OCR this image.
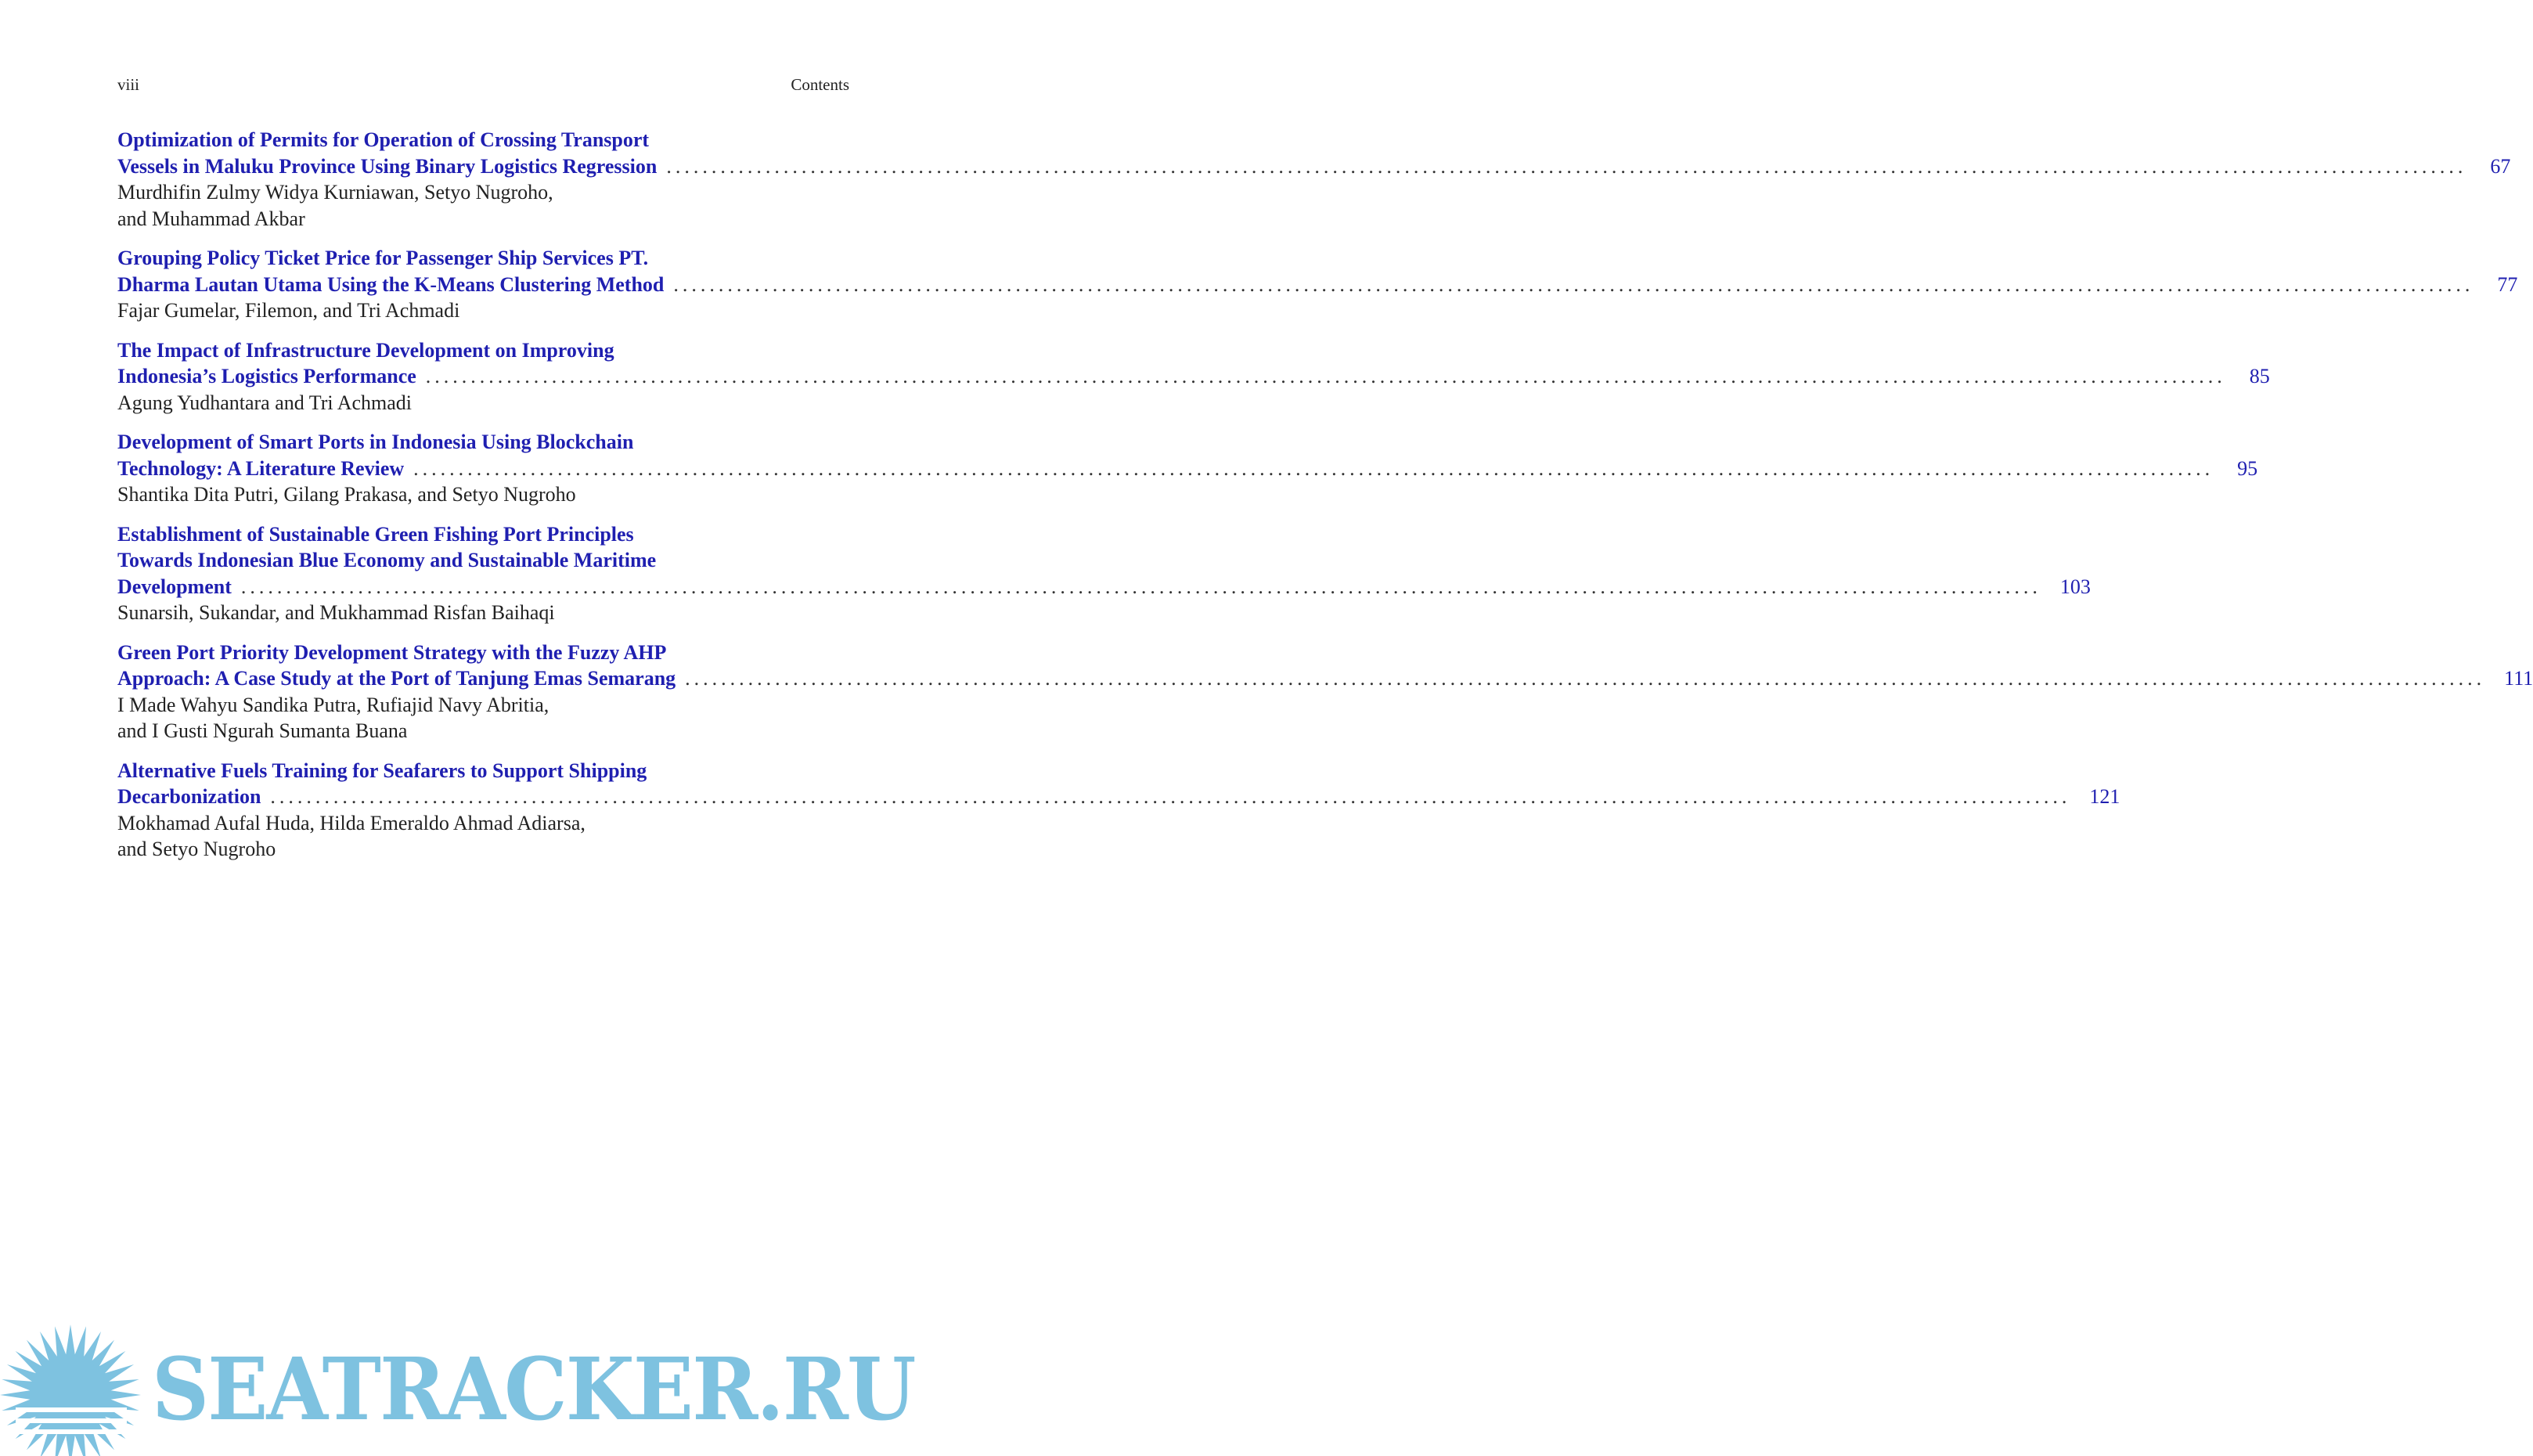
viii	Contents
Optimization of Permits for Operation of Crossing Transport
Vessels in Maluku Province Using Binary Logistics Regression ........................................................................................................................................................................................................ 67
Murdhifin Zulmy Widya Kurniawan, Setyo Nugroho,
and Muhammad Akbar
Grouping Policy Ticket Price for Passenger Ship Services PT.
Dharma Lautan Utama Using the K-Means Clustering Method ........................................................................................................................................................................................................ 77
Fajar Gumelar, Filemon, and Tri Achmadi
The Impact of Infrastructure Development on Improving
Indonesia’s Logistics Performance ........................................................................................................................................................................................................ 85
Agung Yudhantara and Tri Achmadi
Development of Smart Ports in Indonesia Using Blockchain
Technology: A Literature Review ........................................................................................................................................................................................................ 95
Shantika Dita Putri, Gilang Prakasa, and Setyo Nugroho
Establishment of Sustainable Green Fishing Port Principles
Towards Indonesian Blue Economy and Sustainable Maritime
Development ........................................................................................................................................................................................................ 103
Sunarsih, Sukandar, and Mukhammad Risfan Baihaqi
Green Port Priority Development Strategy with the Fuzzy AHP
Approach: A Case Study at the Port of Tanjung Emas Semarang ........................................................................................................................................................................................................ 111
I Made Wahyu Sandika Putra, Rufiajid Navy Abritia,
and I Gusti Ngurah Sumanta Buana
Alternative Fuels Training for Seafarers to Support Shipping
Decarbonization ........................................................................................................................................................................................................ 121
Mokhamad Aufal Huda, Hilda Emeraldo Ahmad Adiarsa,
and Setyo Nugroho
SEATRACKER.RU
